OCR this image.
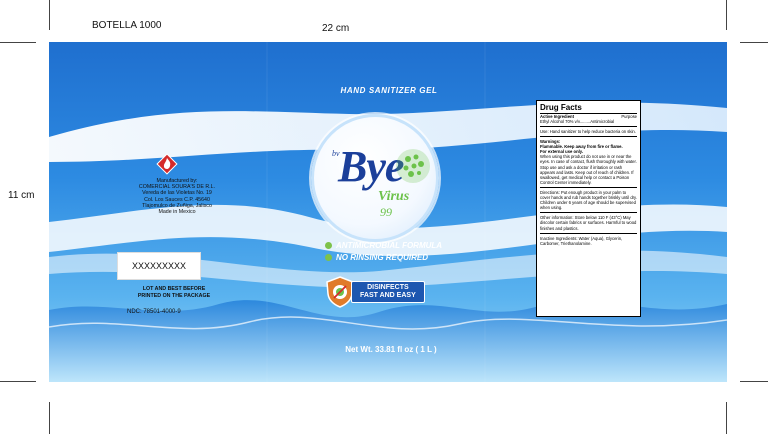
BOTELLA 1000	22 cm
11 cm
HAND SANITIZER GEL
bv
Bye
Virus
99
ANTIMICROBIAL FORMULA
NO RINSING REQUIRED
DISINFECTS
FAST AND EASY
Manufactured by:
COMERCIAL SOURA'S DE R.L.
Vereda de las Violetas No. 19
Col. Los Sauces C.P. 45640
Tlajomulco de Zuñiga, Jalisco
Made in Mexico
XXXXXXXXX
LOT AND BEST BEFORE
PRINTED ON THE PACKAGE
NDC: 78501-4000-9
Net Wt. 33.81 fl oz ( 1 L )
Drug Facts
Active Ingredient	Purpose
Ethyl Alcohol 70% v/v.........Antimicrobial
Use: Hand sanitizer to help reduce bacteria on skin.
Warnings:
Flammable. Keep away from fire or flame.
For external use only.
When using this product do not use in or near the eyes. In case of contact, flush thoroughly with water. Stop use and ask a doctor if irritation or rash appears and lasts. Keep out of reach of children. If swallowed, get medical help or contact a Poison Control Center immediately.
Directions: Put enough product in your palm to cover hands and rub hands together briskly until dry. Children under 6 years of age should be supervised when using.
Other information: Store below 110 F (43°C) May discolor certain fabrics or surfaces. Harmful to wood finishes and plastics.
Inactive Ingredients: Water (Aqua), Glycerin, Carbomer, Triethanolamine.
